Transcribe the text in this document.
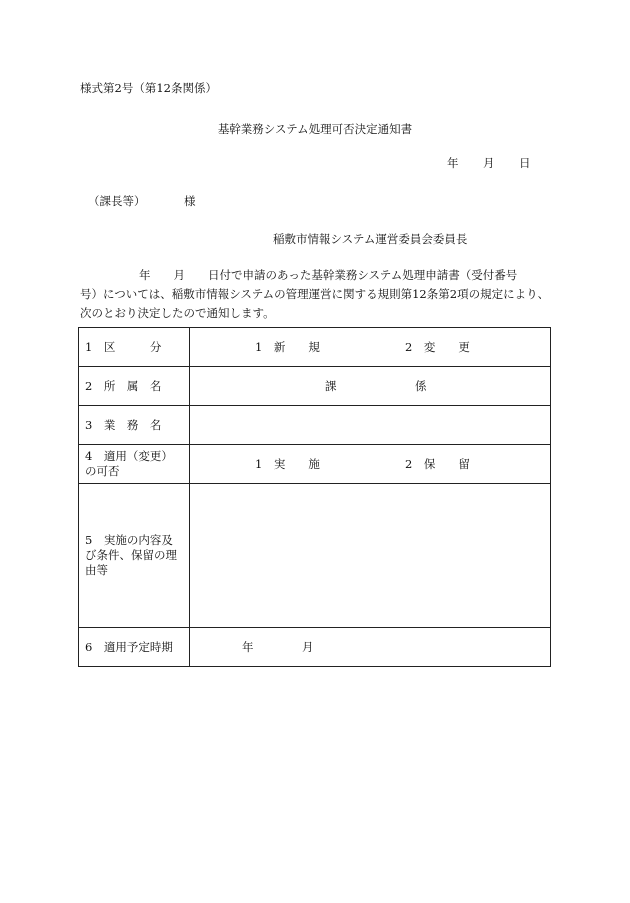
様式第2号（第12条関係）
基幹業務システム処理可否決定通知書
年 月 日
（課長等）	様
稲敷市情報システム運営委員会委員長
　　年　　月　　日付で申請のあった基幹業務システム処理申請書（受付番号
号）については、稲敷市情報システムの管理運営に関する規則第12条第2項の規定により、
次のとおり決定したので通知します。
1　区　　　分	1　新　　規 2　変　　更

2　所　属　名	課 係

3　業　務　名	
4　適用（変更）の可否	1　実　　施 2　保　　留

5　実施の内容及び条件、保留の理由等	
6　適用予定時期	年 月
